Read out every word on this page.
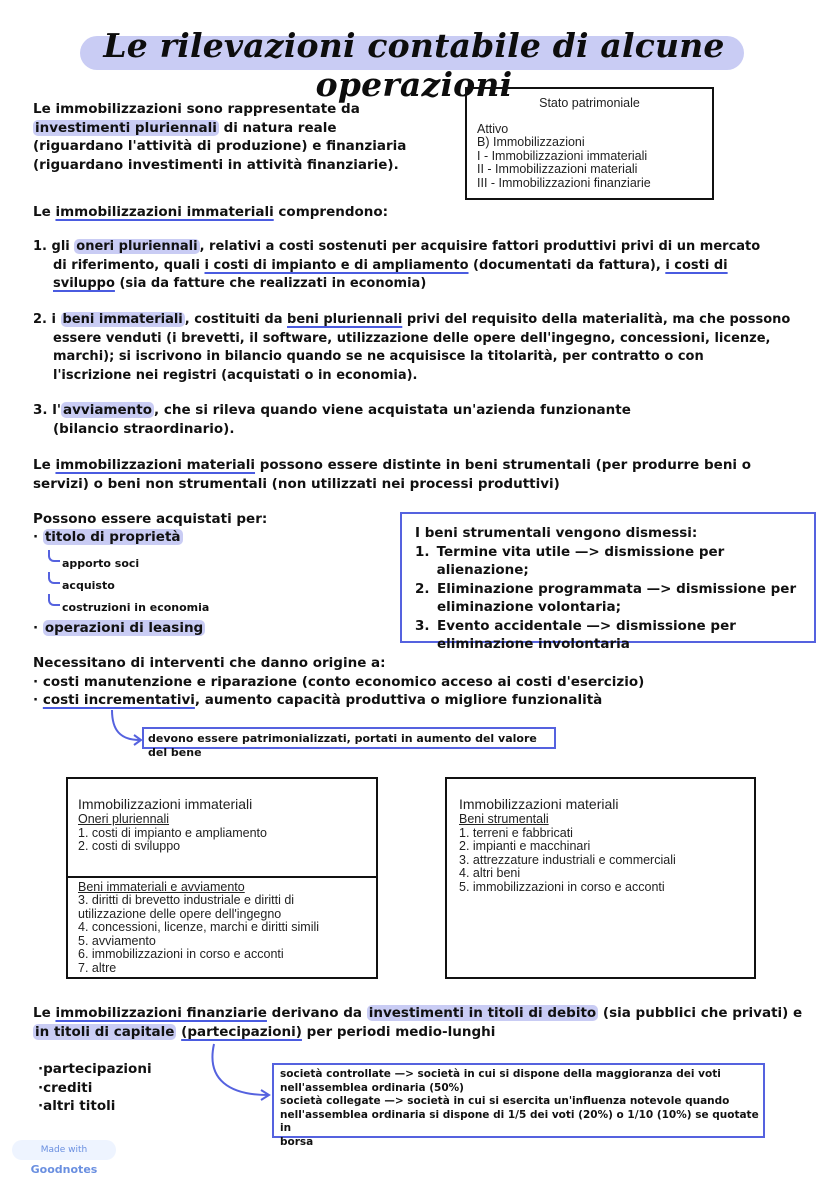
Le rilevazioni contabile di alcune operazioni
Le immobilizzazioni sono rappresentate da
investimenti pluriennali di natura reale
(riguardano l'attività di produzione) e finanziaria
(riguardano investimenti in attività finanziarie).
Stato patrimoniale
Attivo
B) Immobilizzazioni
I - Immobilizzazioni immateriali
II - Immobilizzazioni materiali
III - Immobilizzazioni finanziarie
Le immobilizzazioni immateriali comprendono:
1. gli oneri pluriennali , relativi a costi sostenuti per acquisire fattori produttivi privi di un mercato
di riferimento, quali i costi di impianto e di ampliamento (documentati da fattura), i costi di
sviluppo (sia da fatture che realizzati in economia)
2. i beni immateriali , costituiti da beni pluriennali privi del requisito della materialità, ma che possono
essere venduti (i brevetti, il software, utilizzazione delle opere dell'ingegno, concessioni, licenze,
marchi); si iscrivono in bilancio quando se ne acquisisce la titolarità, per contratto o con
l'iscrizione nei registri (acquistati o in economia).
3. l' avviamento , che si rileva quando viene acquistata un'azienda funzionante
(bilancio straordinario).
Le immobilizzazioni materiali possono essere distinte in beni strumentali (per produrre beni o
servizi) o beni non strumentali (non utilizzati nei processi produttivi)
Possono essere acquistati per:
· titolo di proprietà
apporto soci
acquisto
costruzioni in economia
· operazioni di leasing
I beni strumentali vengono dismessi:
1. Termine vita utile —> dismissione per alienazione;
2. Eliminazione programmata —> dismissione per
eliminazione volontaria;
3. Evento accidentale —> dismissione per
eliminazione involontaria
Necessitano di interventi che danno origine a:
· costi manutenzione e riparazione (conto economico acceso ai costi d'esercizio)
· costi incrementativi, aumento capacità produttiva o migliore funzionalità
devono essere patrimonializzati, portati in aumento del valore del bene
Immobilizzazioni immateriali
Oneri pluriennali
1. costi di impianto e ampliamento
2. costi di sviluppo
Beni immateriali e avviamento
3. diritti di brevetto industriale e diritti di
utilizzazione delle opere dell'ingegno
4. concessioni, licenze, marchi e diritti simili
5. avviamento
6. immobilizzazioni in corso e acconti
7. altre
Immobilizzazioni materiali
Beni strumentali
1. terreni e fabbricati
2. impianti e macchinari
3. attrezzature industriali e commerciali
4. altri beni
5. immobilizzazioni in corso e acconti
Le immobilizzazioni finanziarie derivano da investimenti in titoli di debito (sia pubblici che privati) e
in titoli di capitale (partecipazioni) per periodi medio-lunghi
·partecipazioni
·crediti
·altri titoli
società controllate —> società in cui si dispone della maggioranza dei voti
nell'assemblea ordinaria (50%)
società collegate —> società in cui si esercita un'influenza notevole quando
nell'assemblea ordinaria si dispone di 1/5 dei voti (20%) o 1/10 (10%) se quotate in
borsa
Made with Goodnotes
